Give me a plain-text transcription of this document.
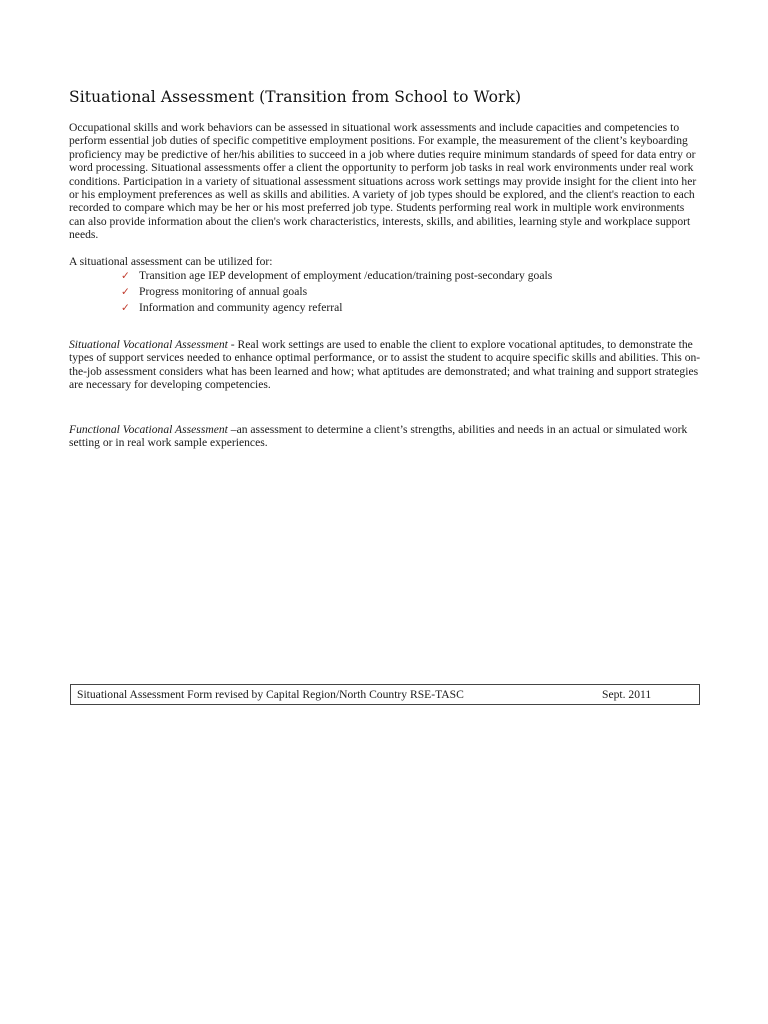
Situational Assessment (Transition from School to Work)

Occupational skills and work behaviors can be assessed in situational work assessments and include capacities and competencies to perform essential job duties of specific competitive employment positions. For example, the measurement of the client’s keyboarding proficiency may be predictive of her/his abilities to succeed in a job where duties require minimum standards of speed for data entry or word processing. Situational assessments offer a client the opportunity to perform job tasks in real work environments under real work conditions. Participation in a variety of situational assessment situations across work settings may provide insight for the client into her or his employment preferences as well as skills and abilities. A variety of job types should be explored, and the client's reaction to each recorded to compare which may be her or his most preferred job type. Students performing real work in multiple work environments can also provide information about the clien's work characteristics, interests, skills, and abilities, learning style and workplace support needs.

A situational assessment can be utilized for:

✓ Transition age IEP development of employment /education/training post-secondary goals
✓ Progress monitoring of annual goals
✓ Information and community agency referral

Situational Vocational Assessment - Real work settings are used to enable the client to explore vocational aptitudes, to demonstrate the types of support services needed to enhance optimal performance, or to assist the student to acquire specific skills and abilities. This on-the-job assessment considers what has been learned and how; what aptitudes are demonstrated; and what training and support strategies are necessary for developing competencies.

Functional Vocational Assessment –an assessment to determine a client’s strengths, abilities and needs in an actual or simulated work setting or in real work sample experiences.

Situational Assessment Form revised by Capital Region/North Country RSE-TASC	Sept. 2011
